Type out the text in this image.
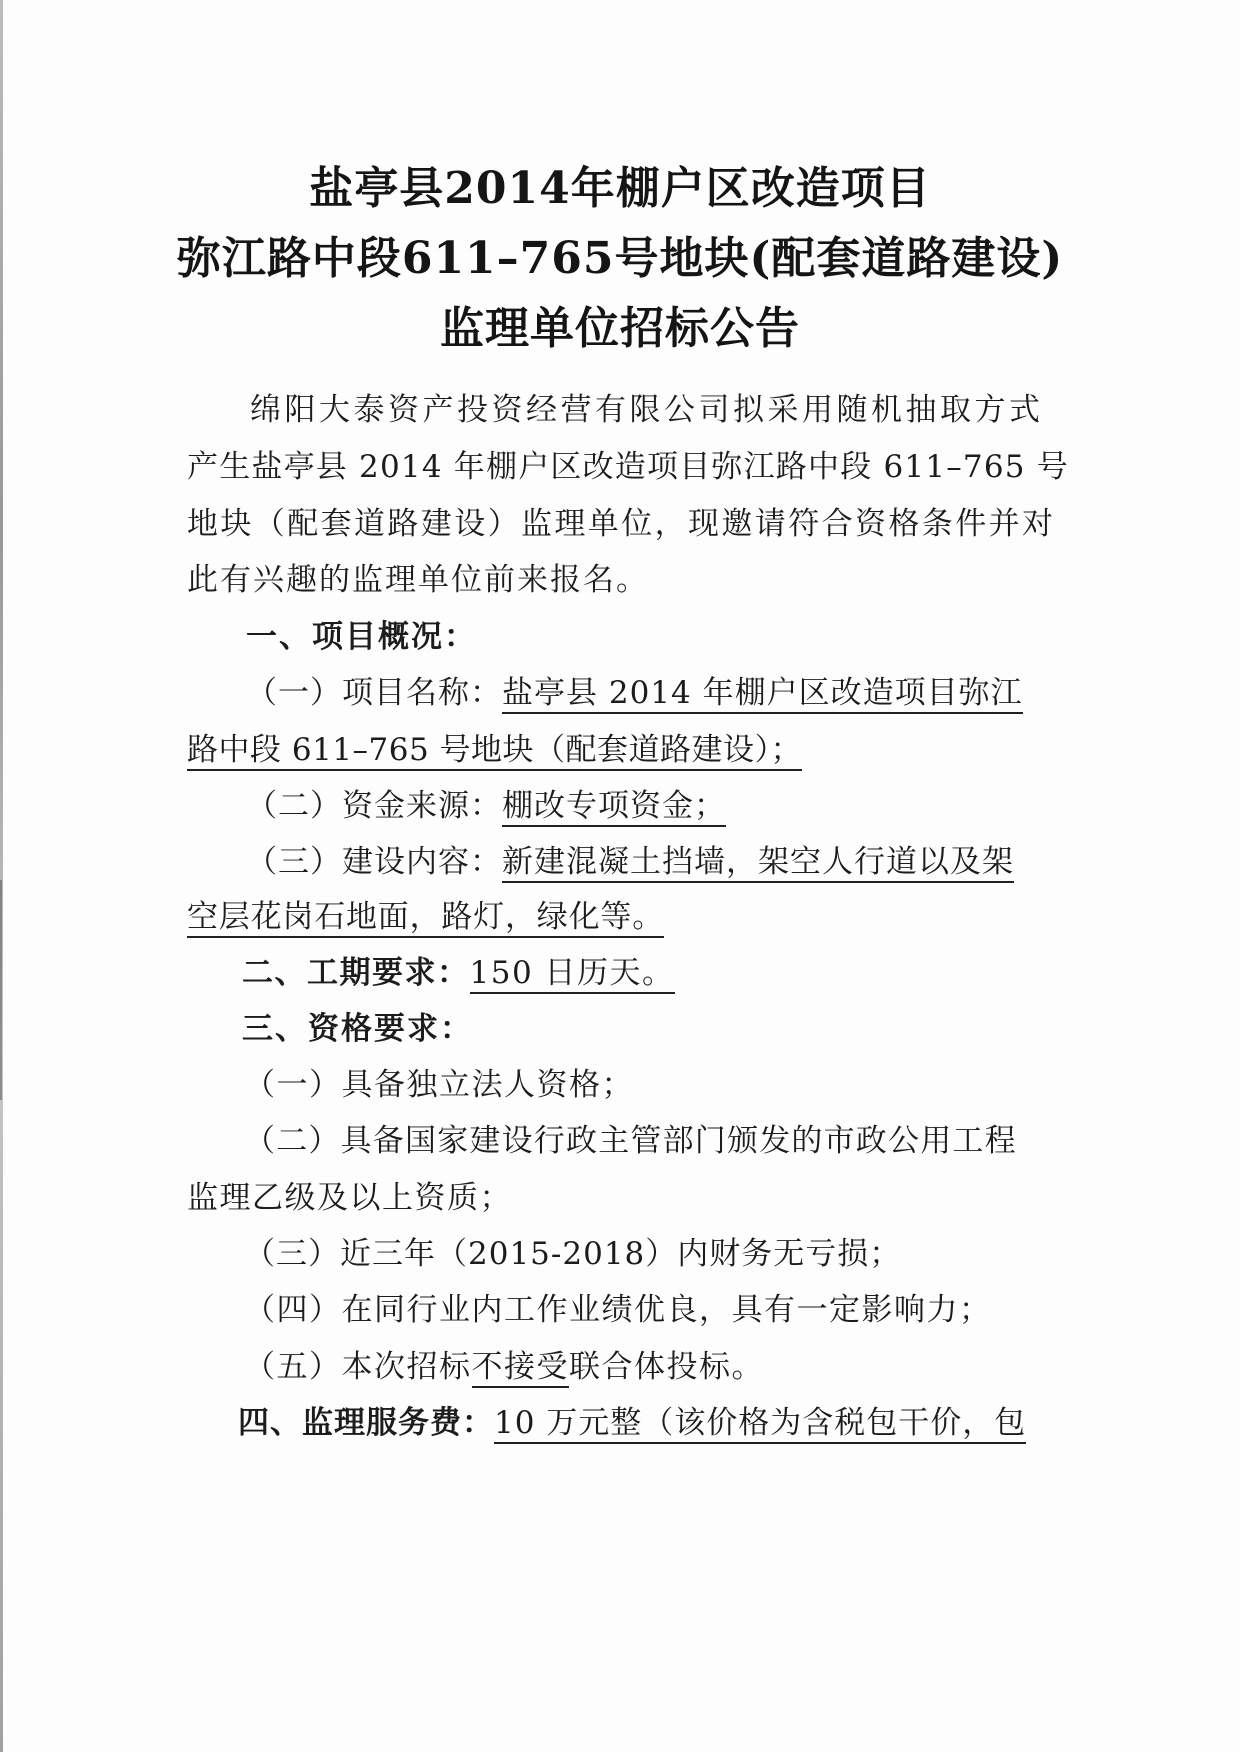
盐亭县2014年棚户区改造项目
弥江路中段611–765号地块(配套道路建设)
监理单位招标公告
绵阳大泰资产投资经营有限公司拟采用随机抽取方式
产生盐亭县 2014 年棚户区改造项目弥江路中段 611–765 号
地块（配套道路建设）监理单位，现邀请符合资格条件并对
此有兴趣的监理单位前来报名。
一、项目概况：
（一）项目名称：盐亭县 2014 年棚户区改造项目弥江
路中段 611–765 号地块（配套道路建设）；
（二）资金来源：棚改专项资金；
（三）建设内容：新建混凝土挡墙，架空人行道以及架
空层花岗石地面，路灯，绿化等。
二、工期要求：150 日历天。
三、资格要求：
（一）具备独立法人资格；
（二）具备国家建设行政主管部门颁发的市政公用工程
监理乙级及以上资质；
（三）近三年（2015-2018）内财务无亏损；
（四）在同行业内工作业绩优良，具有一定影响力；
（五）本次招标不接受联合体投标。
四、监理服务费：10 万元整（该价格为含税包干价，包
